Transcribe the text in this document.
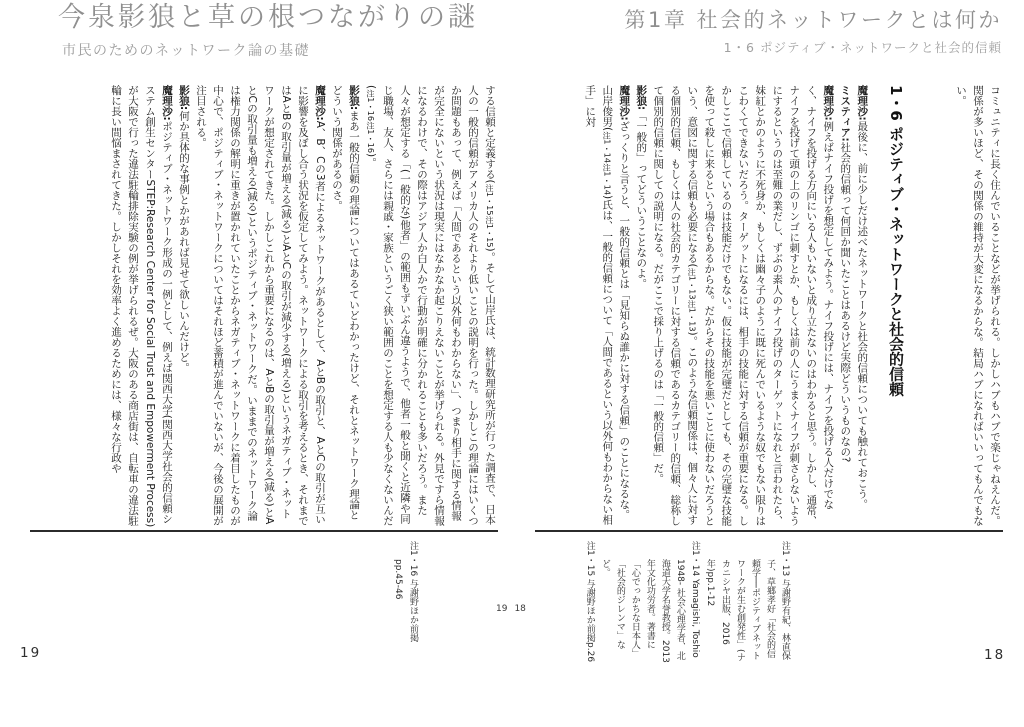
今泉影狼と草の根つながりの謎
市民のためのネットワーク論の基礎

する信頼と定義する(注1・15注1・15)。そして山岸氏は、統計数理研究所が行った調査で、日本人の一般的信頼がアメリカ人のそれより低いことの説明を行った。しかしこの理論にはいくつか問題もあって、例えば「人間であるという以外何もわからない」、つまり相手に関する情報が完全にないという状況は現実にはなかなか起こりえないことが挙げられる。外見ですら情報になるわけで、その際はアジア人か白人かで行動が明確に分かれることも多いだろう。また人々が想定する「(一般的な)他者」の範囲もずいぶん違うようで、他者一般と聞くと近隣や同じ職場、友人、さらには親戚・家族というごく狭い範囲のことを想定する人も少なくないんだ(注1・16注1・16)。

影狼:まあ一般的信頼の理論についてはあるていどわかったけど、それとネットワーク理論とどういう関係があるのさ。

魔理沙:A、B、Cの3者によるネットワークがあるとして、AとBの取引と、AとCの取引が互いに影響を及ぼし合う状況を仮定してみよう。ネットワークによる取引を考えるとき、それまではAとBの取引量が増える(減る)とAとCの取引が減少する(増える)というネガティブ・ネットワークが想定されてきた。しかしこれから重要になるのは、AとBの取引量が増える(減る)とAとCの取引量も増える(減る)というポジティブ・ネットワークだ。いままでのネットワーク論は権力関係の解明に重きが置かれていたことからネガティブ・ネットワークに着目したものが中心で、ポジティブ・ネットワークについてはそれほど蓄積が進んでいないが、今後の展開が注目される。

影狼:何か具体的な事例とかがあれば見せて欲しいんだけど。

魔理沙:ポジティブ・ネットワーク形成の一例として、例えば関西大学(関西大学社会的信頼システム創生センターSTEP:Research Center for Social Trust and Empowerment Process)が大阪で行った違法駐輪排除実験の例が挙げられるぜ。大阪のある商店街は、自転車の違法駐輪に長い間悩まされてきた。しかしそれを効率よく進めるためには、様々な行政や

注1・16 与謝野ほか前掲pp.45-46

19
第1章 社会的ネットワークとは何か
1・6 ポジティブ・ネットワークと社会的信頼

コミュニティに長く住んでいることなどが挙げられる。しかしハブもハブで楽じゃねえんだ。関係が多いほど、その関係の維持が大変になるからな。結局ハブになればいいってもんでもない。

1・6 ポジティブ・ネットワークと社会的信頼

魔理沙:最後に、前に少しだけ述べたネットワークと社会的信頼についても触れておこう。

ミスティア:社会的信頼って何回か聞いたことはあるけど実際どういうものなの?

魔理沙:例えばナイフ投げを想定してみよう。ナイフ投げには、ナイフを投げる人だけでなく、ナイフを投げる方向にいる人もいないと成り立たないのはわかると思う。しかし、通常、ナイフを投げて頭の上のリンゴに刺すとか、もしくは前の人にうまくナイフが刺さらないようにするというのは至難の業だし、ずぶの素人のナイフ投げのターゲットになれと言われたら、妹紅とかのように不死身か、もしくは幽々子のように既に死んでいるような奴でもない限りはこわくてできないだろう。ターゲットになるには、相手の技能に対する信頼が重要になる。しかしここで信頼しているのは技能だけでもない。仮に技能が完璧だとしても、その完璧な技能を使って殺しに来るという場合もあるからな。だからその技能を悪いことに使わないだろうという、意図に関する信頼も必要になる(注1・13注1・13)。このような信頼関係は、個々人に対する個別的信頼、もしくは人の社会的カテゴリーに対する信頼であるカテゴリー的信頼、総称して個別的信頼に関しての説明になる。だがここで採り上げるのは「一般的信頼」だ。

影狼:「一般的」ってどういうことなのよ。

魔理沙:ざっくりと言うと、一般的信頼とは「見知らぬ誰かに対する信頼」のことになるな。山岸俊男(注1・14注1・14)氏は、一般的信頼について「人間であるという以外何もわからない相手」に対

注1・13 与謝野有紀、林直保子、草郷孝好「社会的信頼学──ポジティブネットワークが生む創発性」(ナカニシヤ出版、2016年)pp.1-12

注1・14 Yamagishi, Toshio 1948- 社会心理学者、北海道大学名誉教授。2013年文化功労者。著書に「心でっかちな日本人」「社会的ジレンマ」など。

注1・15 与謝野ほか前掲p.26	18
19 18
